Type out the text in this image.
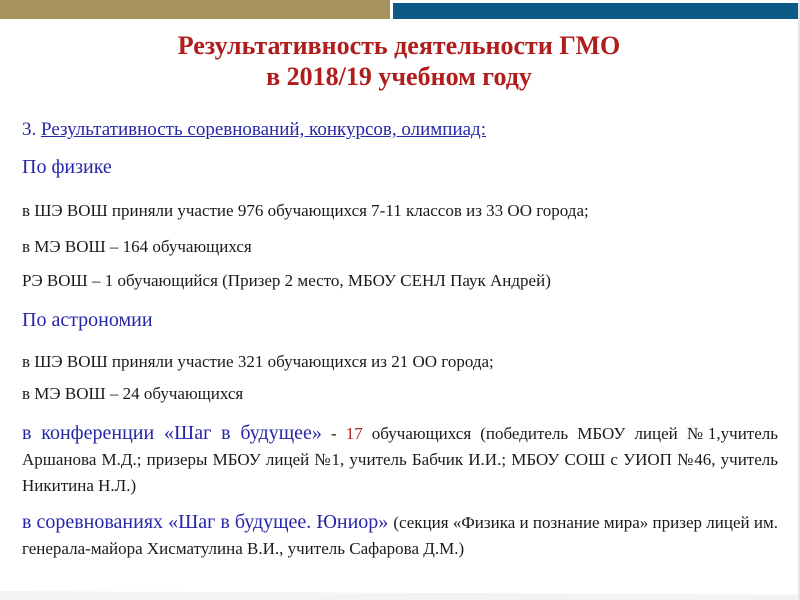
Результативность деятельности ГМО
в 2018/19 учебном году

3. Результативность соревнований, конкурсов, олимпиад:

По физике

в ШЭ ВОШ приняли участие 976 обучающихся 7-11 классов из 33 ОО города;

в МЭ ВОШ – 164 обучающихся

РЭ ВОШ – 1 обучающийся (Призер 2 место, МБОУ СЕНЛ Паук Андрей)

По астрономии

в ШЭ ВОШ приняли участие 321 обучающихся из 21 ОО города;

в МЭ ВОШ – 24 обучающихся

в конференции «Шаг в будущее» - 17 обучающихся (победитель МБОУ лицей №1,учитель Аршанова М.Д.; призеры МБОУ лицей №1, учитель Бабчик И.И.; МБОУ СОШ с УИОП №46, учитель Никитина Н.Л.)

в соревнованиях «Шаг в будущее. Юниор» (секция «Физика и познание мира» призер лицей им. генерала-майора Хисматулина В.И., учитель Сафарова Д.М.)
